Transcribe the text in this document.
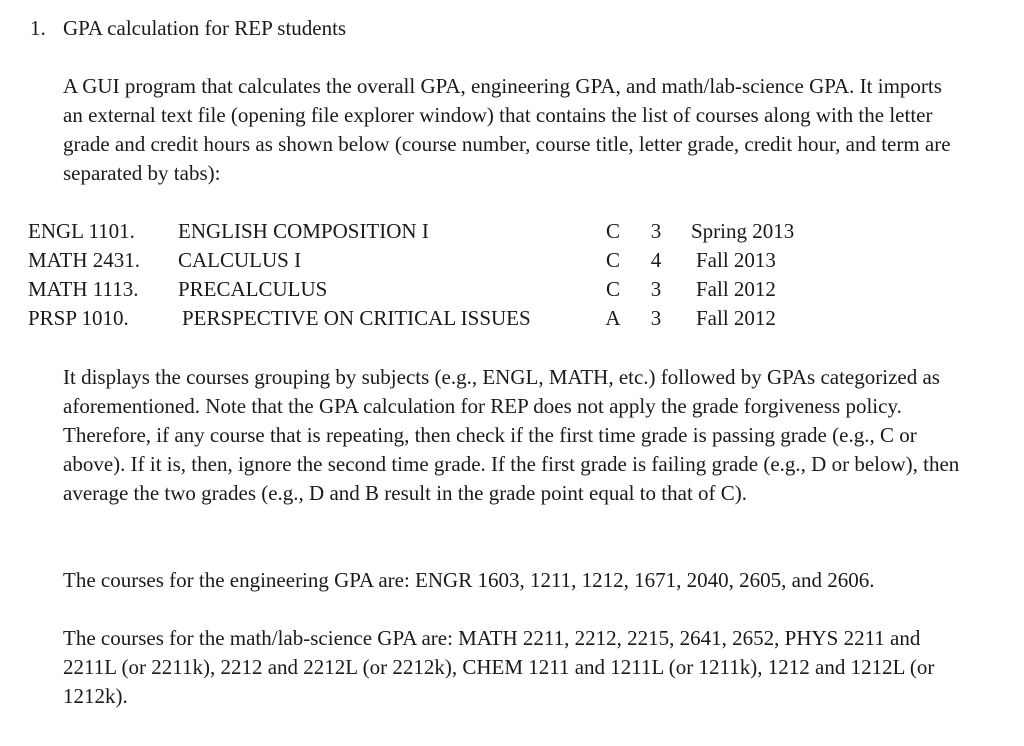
1. GPA calculation for REP students

A GUI program that calculates the overall GPA, engineering GPA, and math/lab-science GPA. It imports an external text file (opening file explorer window) that contains the list of courses along with the letter grade and credit hours as shown below (course number, course title, letter grade, credit hour, and term are separated by tabs):

ENGL 1101. ENGLISH COMPOSITION I	C 3 Spring 2013
MATH 2431. CALCULUS I	C 4 Fall 2013
MATH 1113. PRECALCULUS	C 3 Fall 2012
PRSP 1010.	PERSPECTIVE ON CRITICAL ISSUES	A 3 Fall 2012

It displays the courses grouping by subjects (e.g., ENGL, MATH, etc.) followed by GPAs categorized as aforementioned. Note that the GPA calculation for REP does not apply the grade forgiveness policy. Therefore, if any course that is repeating, then check if the first time grade is passing grade (e.g., C or above). If it is, then, ignore the second time grade. If the first grade is failing grade (e.g., D or below), then average the two grades (e.g., D and B result in the grade point equal to that of C).

The courses for the engineering GPA are: ENGR 1603, 1211, 1212, 1671, 2040, 2605, and 2606.

The courses for the math/lab-science GPA are: MATH 2211, 2212, 2215, 2641, 2652, PHYS 2211 and 2211L (or 2211k), 2212 and 2212L (or 2212k), CHEM 1211 and 1211L (or 1211k), 1212 and 1212L (or 1212k).
